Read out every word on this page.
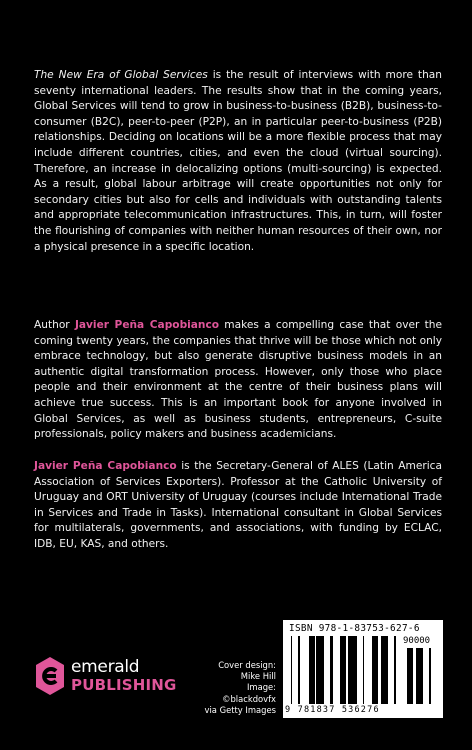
The New Era of Global Services is the result of interviews with more than seventy international leaders. The results show that in the coming years, Global Services will tend to grow in business-to-business (B2B), business-to-consumer (B2C), peer-to-peer (P2P), an in particular peer-to-business (P2B) relationships. Deciding on locations will be a more flexible process that may include different countries, cities, and even the cloud (virtual sourcing). Therefore, an increase in delocalizing options (multi-sourcing) is expected. As a result, global labour arbitrage will create opportunities not only for secondary cities but also for cells and individuals with outstanding talents and appropriate telecommunication infrastructures. This, in turn, will foster the flourishing of companies with neither human resources of their own, nor a physical presence in a specific location.
Author Javier Peña Capobianco makes a compelling case that over the coming twenty years, the companies that thrive will be those which not only embrace technology, but also generate disruptive business models in an authentic digital transformation process. However, only those who place people and their environment at the centre of their business plans will achieve true success. This is an important book for anyone involved in Global Services, as well as business students, entrepreneurs, C-suite professionals, policy makers and business academicians.
Javier Peña Capobianco is the Secretary-General of ALES (Latin America Association of Services Exporters). Professor at the Catholic University of Uruguay and ORT University of Uruguay (courses include International Trade in Services and Trade in Tasks). International consultant in Global Services for multilaterals, governments, and associations, with funding by ECLAC, IDB, EU, KAS, and others.
emerald
PUBLISHING
Cover design:
Mike Hill
Image:
©blackdovfx
via Getty Images
ISBN 978-1-83753-627-6
90000
9 781837 536276
